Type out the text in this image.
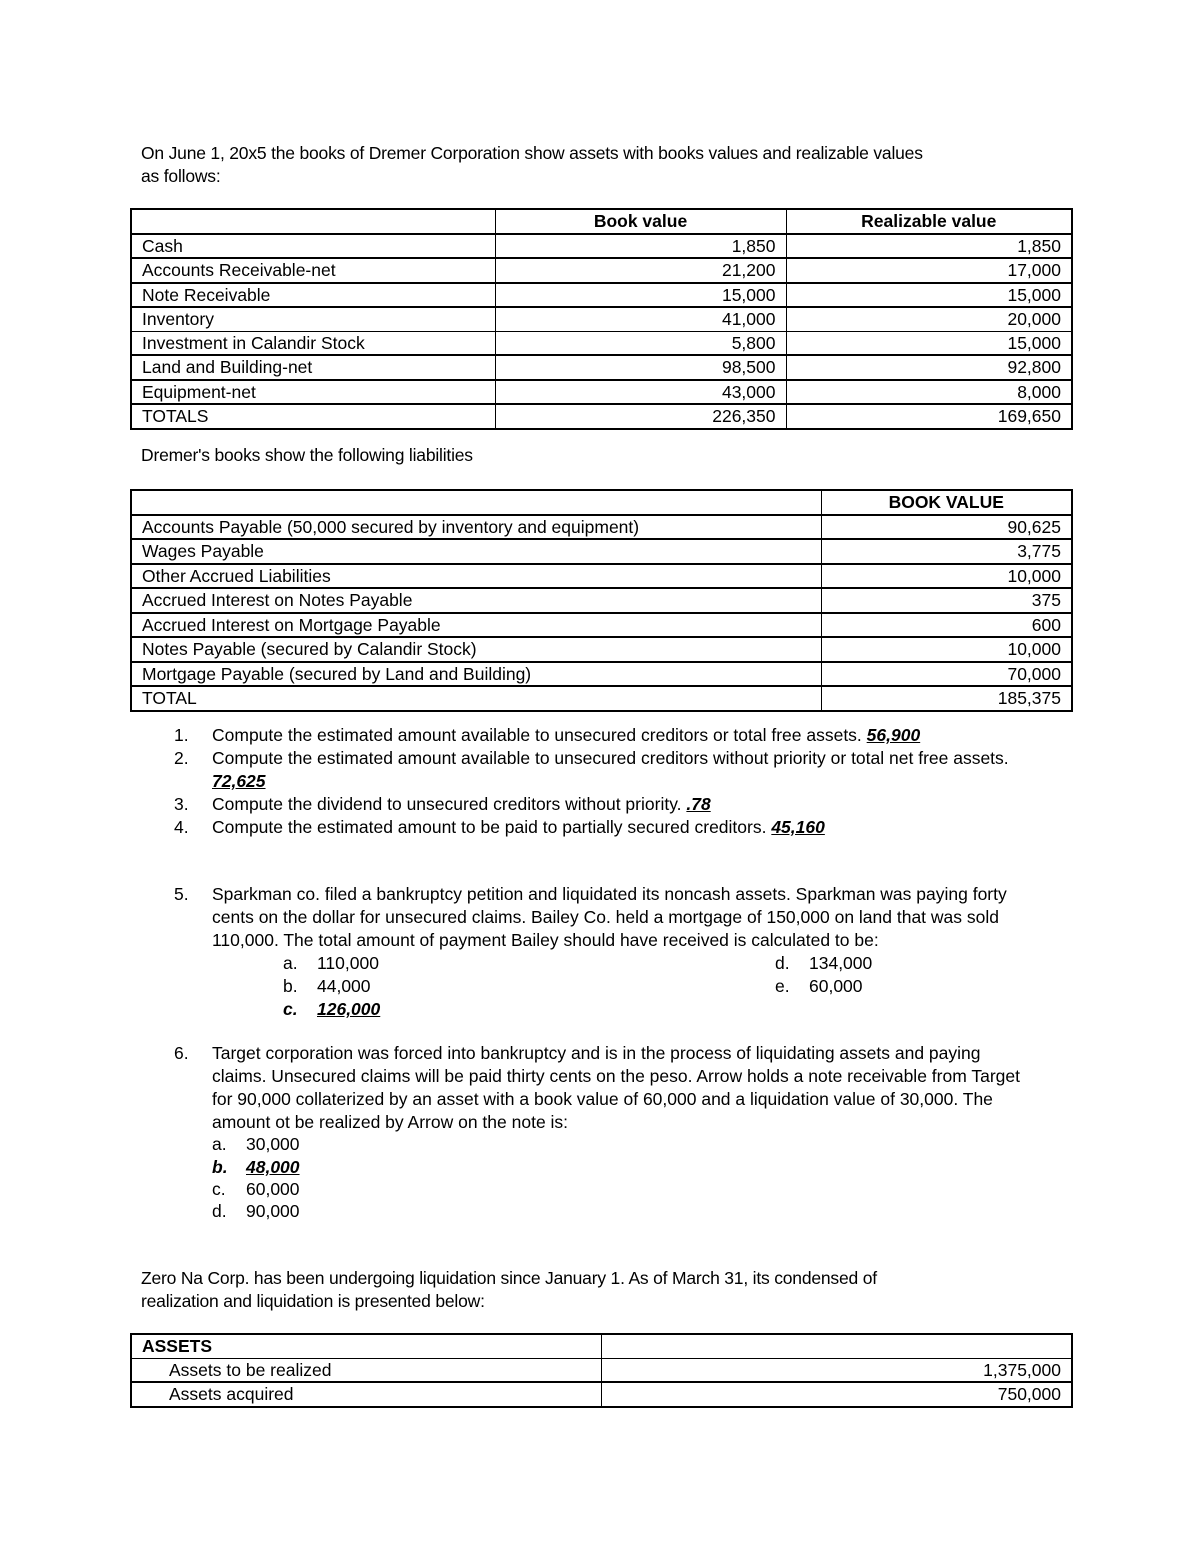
On June 1, 20x5 the books of Dremer Corporation show assets with books values and realizable values
as follows:
	Book value	Realizable value
Cash	1,850	1,850
Accounts Receivable-net	21,200	17,000
Note Receivable	15,000	15,000
Inventory	41,000	20,000
Investment in Calandir Stock	5,800	15,000
Land and Building-net	98,500	92,800
Equipment-net	43,000	8,000
TOTALS	226,350	169,650
Dremer's books show the following liabilities
	BOOK VALUE
Accounts Payable (50,000 secured by inventory and equipment)	90,625
Wages Payable	3,775
Other Accrued Liabilities	10,000
Accrued Interest on Notes Payable	375
Accrued Interest on Mortgage Payable	600
Notes Payable (secured by Calandir Stock)	10,000
Mortgage Payable (secured by Land and Building)	70,000
TOTAL	185,375
1. Compute the estimated amount available to unsecured creditors or total free assets. 56,900
2. Compute the estimated amount available to unsecured creditors without priority or total net free assets. 72,625
3. Compute the dividend to unsecured creditors without priority. .78
4. Compute the estimated amount to be paid to partially secured creditors. 45,160
5. Sparkman co. filed a bankruptcy petition and liquidated its noncash assets. Sparkman was paying forty cents on the dollar for unsecured claims. Bailey Co. held a mortgage of 150,000 on land that was sold 110,000. The total amount of payment Bailey should have received is calculated to be:
a. 110,000
b. 44,000
c. 126,000
d. 134,000
e. 60,000
6. Target corporation was forced into bankruptcy and is in the process of liquidating assets and paying claims. Unsecured claims will be paid thirty cents on the peso. Arrow holds a note receivable from Target for 90,000 collaterized by an asset with a book value of 60,000 and a liquidation value of 30,000. The amount ot be realized by Arrow on the note is:
a. 30,000
b. 48,000
c. 60,000
d. 90,000
Zero Na Corp. has been undergoing liquidation since January 1. As of March 31, its condensed of
realization and liquidation is presented below:
ASSETS	
Assets to be realized	1,375,000
Assets acquired	750,000
